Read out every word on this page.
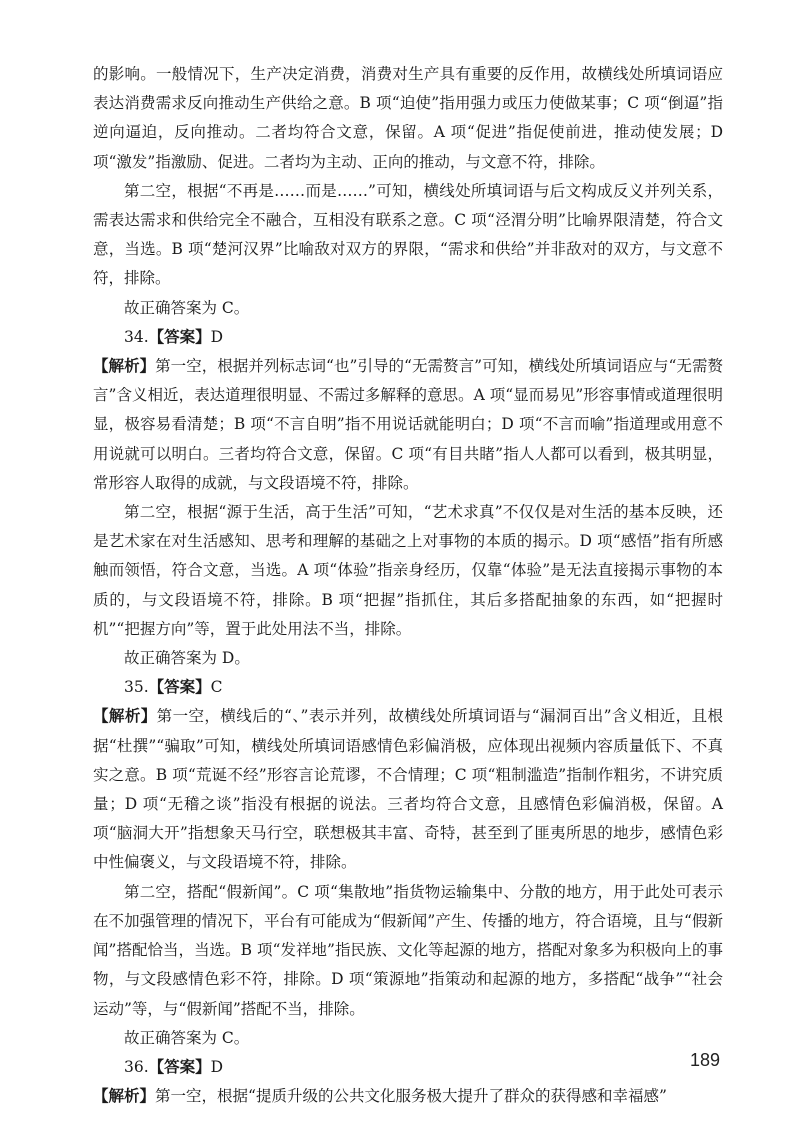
的影响。一般情况下，生产决定消费，消费对生产具有重要的反作用，故横线处所填词语应表达消费需求反向推动生产供给之意。B 项“迫使”指用强力或压力使做某事；C 项“倒逼”指逆向逼迫，反向推动。二者均符合文意，保留。A 项“促进”指促使前进，推动使发展；D 项“激发”指激励、促进。二者均为主动、正向的推动，与文意不符，排除。

第二空，根据“不再是……而是……”可知，横线处所填词语与后文构成反义并列关系，需表达需求和供给完全不融合，互相没有联系之意。C 项“泾渭分明”比喻界限清楚，符合文意，当选。B 项“楚河汉界”比喻敌对双方的界限，“需求和供给”并非敌对的双方，与文意不符，排除。

故正确答案为 C。

34.【答案】D

【解析】第一空，根据并列标志词“也”引导的“无需赘言”可知，横线处所填词语应与“无需赘言”含义相近，表达道理很明显、不需过多解释的意思。A 项“显而易见”形容事情或道理很明显，极容易看清楚；B 项“不言自明”指不用说话就能明白；D 项“不言而喻”指道理或用意不用说就可以明白。三者均符合文意，保留。C 项“有目共睹”指人人都可以看到，极其明显，常形容人取得的成就，与文段语境不符，排除。

第二空，根据“源于生活，高于生活”可知，“艺术求真”不仅仅是对生活的基本反映，还是艺术家在对生活感知、思考和理解的基础之上对事物的本质的揭示。D 项“感悟”指有所感触而领悟，符合文意，当选。A 项“体验”指亲身经历，仅靠“体验”是无法直接揭示事物的本质的，与文段语境不符，排除。B 项“把握”指抓住，其后多搭配抽象的东西，如“把握时机”“把握方向”等，置于此处用法不当，排除。

故正确答案为 D。

35.【答案】C

【解析】第一空，横线后的“、”表示并列，故横线处所填词语与“漏洞百出”含义相近，且根据“杜撰”“骗取”可知，横线处所填词语感情色彩偏消极，应体现出视频内容质量低下、不真实之意。B 项“荒诞不经”形容言论荒谬，不合情理；C 项“粗制滥造”指制作粗劣，不讲究质量；D 项“无稽之谈”指没有根据的说法。三者均符合文意，且感情色彩偏消极，保留。A 项“脑洞大开”指想象天马行空，联想极其丰富、奇特，甚至到了匪夷所思的地步，感情色彩中性偏褒义，与文段语境不符，排除。

第二空，搭配“假新闻”。C 项“集散地”指货物运输集中、分散的地方，用于此处可表示在不加强管理的情况下，平台有可能成为“假新闻”产生、传播的地方，符合语境，且与“假新闻”搭配恰当，当选。B 项“发祥地”指民族、文化等起源的地方，搭配对象多为积极向上的事物，与文段感情色彩不符，排除。D 项“策源地”指策动和起源的地方，多搭配“战争”“社会运动”等，与“假新闻”搭配不当，排除。

故正确答案为 C。

36.【答案】D

【解析】第一空，根据“提质升级的公共文化服务极大提升了群众的获得感和幸福感”

189
